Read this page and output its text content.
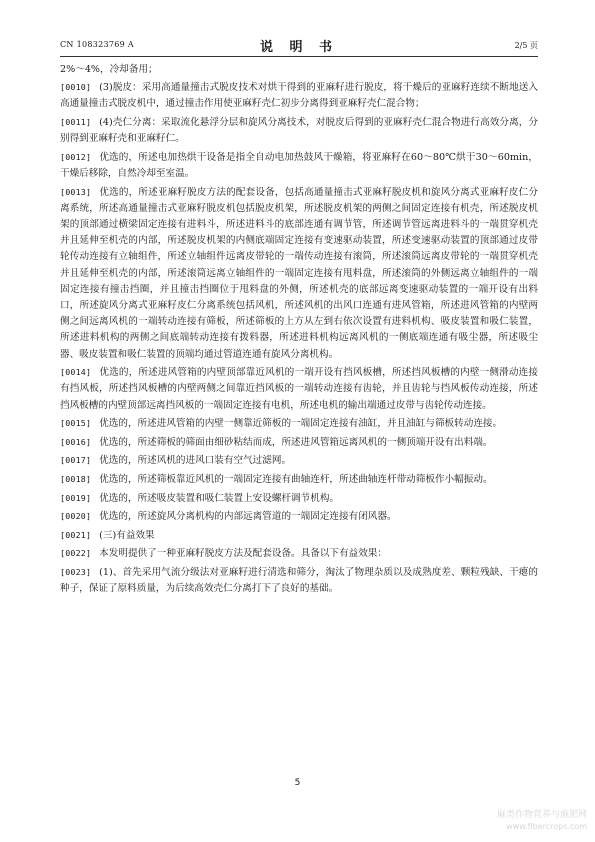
CN 108323769 A	说 明 书	2/5 页
2%～4%，冷却备用；
[0010] (3)脱皮：采用高通量撞击式脱皮技术对烘干得到的亚麻籽进行脱皮，将干燥后的亚麻籽连续不断地送入高通量撞击式脱皮机中，通过撞击作用使亚麻籽壳仁初步分离得到亚麻籽壳仁混合物；
[0011] (4)壳仁分离：采取流化悬浮分层和旋风分离技术，对脱皮后得到的亚麻籽壳仁混合物进行高效分离，分别得到亚麻籽壳和亚麻籽仁。
[0012] 优选的，所述电加热烘干设备是指全自动电加热鼓风干燥箱，将亚麻籽在60～80℃烘干30～60min，干燥后移除，自然冷却至室温。
[0013] 优选的，所述亚麻籽脱皮方法的配套设备，包括高通量撞击式亚麻籽脱皮机和旋风分离式亚麻籽皮仁分离系统，所述高通量撞击式亚麻籽脱皮机包括脱皮机架，所述脱皮机架的两侧之间固定连接有机壳，所述脱皮机架的顶部通过横梁固定连接有进料斗，所述进料斗的底部连通有调节管，所述调节管远离进料斗的一端贯穿机壳并且延伸至机壳的内部，所述脱皮机架的内侧底端固定连接有变速驱动装置，所述变速驱动装置的顶部通过皮带轮传动连接有立轴组件，所述立轴组件远离皮带轮的一端传动连接有滚筒，所述滚筒远离皮带轮的一端贯穿机壳并且延伸至机壳的内部，所述滚筒远离立轴组件的一端固定连接有甩料盘，所述滚筒的外侧远离立轴组件的一端固定连接有撞击挡圈，并且撞击挡圈位于甩料盘的外侧，所述机壳的底部远离变速驱动装置的一端开设有出料口，所述旋风分离式亚麻籽皮仁分离系统包括风机，所述风机的出风口连通有进风管箱，所述进风管箱的内壁两侧之间远离风机的一端转动连接有筛板，所述筛板的上方从左到右依次设置有进料机构、吸皮装置和吸仁装置，所述进料机构的两侧之间底端转动连接有拨料器，所述进料机构远离风机的一侧底端连通有吸尘器，所述吸尘器、吸皮装置和吸仁装置的顶端均通过管道连通有旋风分离机构。
[0014] 优选的，所述进风管箱的内壁顶部靠近风机的一端开设有挡风板槽，所述挡风板槽的内壁一侧滑动连接有挡风板，所述挡风板槽的内壁两侧之间靠近挡风板的一端转动连接有齿轮，并且齿轮与挡风板传动连接，所述挡风板槽的内壁顶部远离挡风板的一端固定连接有电机，所述电机的输出端通过皮带与齿轮传动连接。
[0015] 优选的，所述进风管箱的内壁一侧靠近筛板的一端固定连接有油缸，并且油缸与筛板转动连接。
[0016] 优选的，所述筛板的筛面由细砂粘结而成，所述进风管箱远离风机的一侧顶端开设有出料端。
[0017] 优选的，所述风机的进风口装有空气过滤网。
[0018] 优选的，所述筛板靠近风机的一端固定连接有曲轴连杆，所述曲轴连杆带动筛板作小幅振动。
[0019] 优选的，所述吸皮装置和吸仁装置上安设螺杆调节机构。
[0020] 优选的，所述旋风分离机构的内部远离管道的一端固定连接有闭风器。
[0021] (三)有益效果
[0022] 本发明提供了一种亚麻籽脱皮方法及配套设备。具备以下有益效果：
[0023] (1)、首先采用气流分级法对亚麻籽进行清选和筛分，淘汰了物理杂质以及成熟度差、颗粒残缺、干瘪的种子，保证了原料质量，为后续高效壳仁分离打下了良好的基础。
5
麻类作物营养与施肥网
www.fibercrops.com
